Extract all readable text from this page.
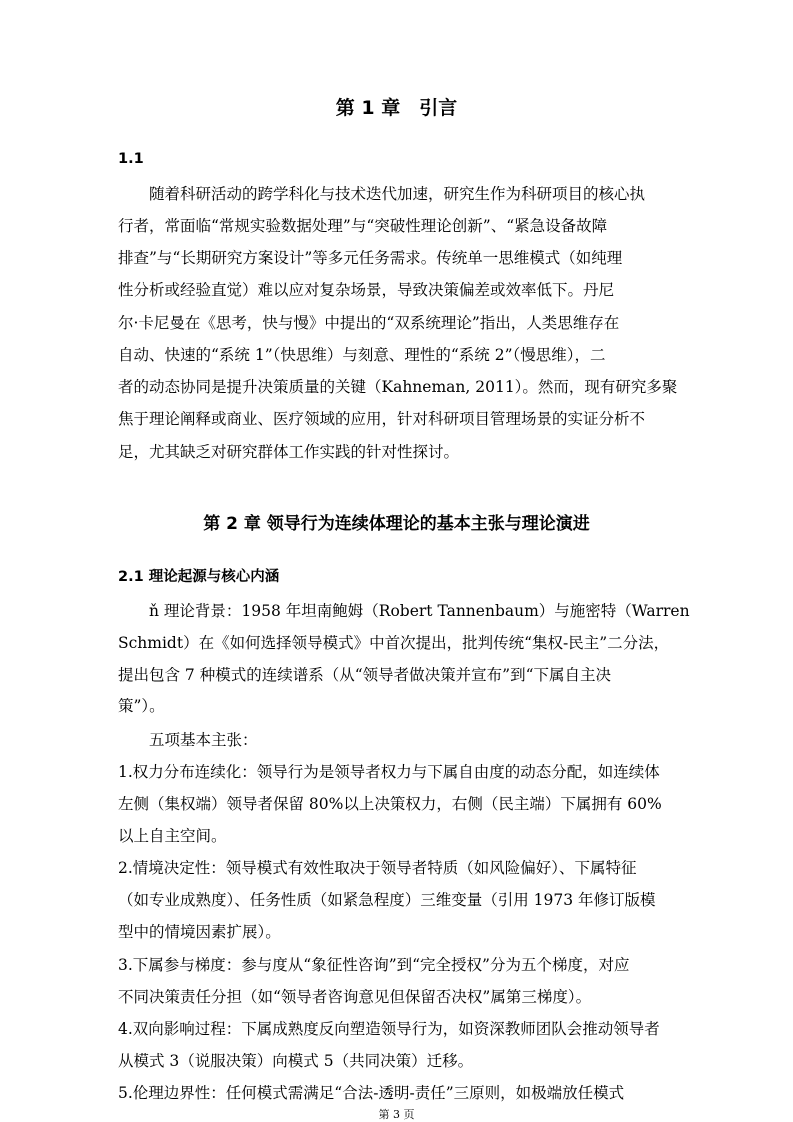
第 1 章　引言
1.1
随着科研活动的跨学科化与技术迭代加速，研究生作为科研项目的核心执
行者，常面临“常规实验数据处理”与“突破性理论创新”、“紧急设备故障
排查”与“长期研究方案设计”等多元任务需求。传统单一思维模式（如纯理
性分析或经验直觉）难以应对复杂场景，导致决策偏差或效率低下。丹尼
尔·卡尼曼在《思考，快与慢》中提出的“双系统理论”指出，人类思维存在
自动、快速的“系统 1”（快思维）与刻意、理性的“系统 2”（慢思维），二
者的动态协同是提升决策质量的关键（Kahneman, 2011）。然而，现有研究多聚
焦于理论阐释或商业、医疗领域的应用，针对科研项目管理场景的实证分析不
足，尤其缺乏对研究群体工作实践的针对性探讨。
第 2 章 领导行为连续体理论的基本主张与理论演进
2.1 理论起源与核心内涵
ň 理论背景：1958 年坦南鲍姆（Robert Tannenbaum）与施密特（Warren
Schmidt）在《如何选择领导模式》中首次提出，批判传统“集权-民主”二分法，
提出包含 7 种模式的连续谱系（从“领导者做决策并宣布”到“下属自主决
策”）。
五项基本主张：
1.权力分布连续化：领导行为是领导者权力与下属自由度的动态分配，如连续体
左侧（集权端）领导者保留 80%以上决策权力，右侧（民主端）下属拥有 60%
以上自主空间。
2.情境决定性：领导模式有效性取决于领导者特质（如风险偏好）、下属特征
（如专业成熟度）、任务性质（如紧急程度）三维变量（引用 1973 年修订版模
型中的情境因素扩展）。
3.下属参与梯度：参与度从“象征性咨询”到“完全授权”分为五个梯度，对应
不同决策责任分担（如“领导者咨询意见但保留否决权”属第三梯度）。
4.双向影响过程：下属成熟度反向塑造领导行为，如资深教师团队会推动领导者
从模式 3（说服决策）向模式 5（共同决策）迁移。
5.伦理边界性：任何模式需满足“合法-透明-责任”三原则，如极端放任模式
第 3 页
